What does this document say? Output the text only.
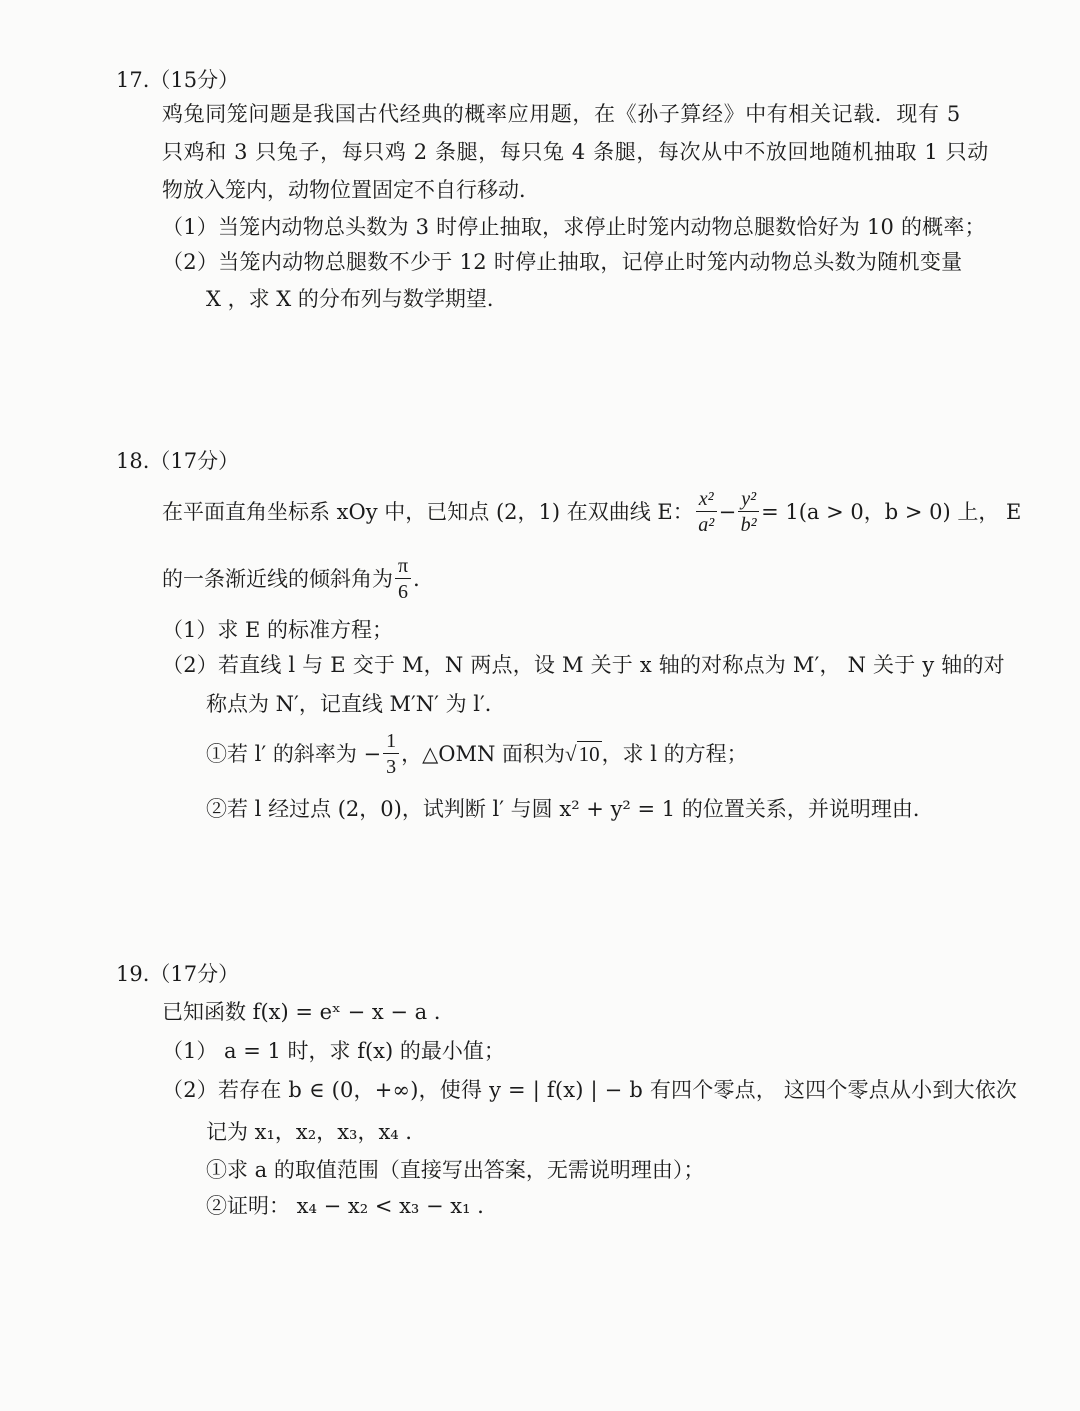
17.（15分）
鸡兔同笼问题是我国古代经典的概率应用题，在《孙子算经》中有相关记载．现有 5
只鸡和 3 只兔子，每只鸡 2 条腿，每只兔 4 条腿，每次从中不放回地随机抽取 1 只动
物放入笼内，动物位置固定不自行移动．
（1）当笼内动物总头数为 3 时停止抽取，求停止时笼内动物总腿数恰好为 10 的概率；
（2）当笼内动物总腿数不少于 12 时停止抽取，记停止时笼内动物总头数为随机变量
X ，求 X 的分布列与数学期望．
18.（17分）
在平面直角坐标系 xOy 中，已知点 (2，1) 在双曲线 E： $\frac{\text{x²}}{\text{a²}} - \frac{\text{y²}}{\text{b²}} = 1(a > 0$，b > 0) 上， E
的一条渐近线的倾斜角为 $\frac{\pi}{6}$ ．
（1）求 E 的标准方程；
（2）若直线 l 与 E 交于 M，N 两点，设 M 关于 x 轴的对称点为 M′， N 关于 y 轴的对
称点为 N′，记直线 M′N′ 为 l′．
①若 l′ 的斜率为 − $\frac{1}{3}$ ，△OMN 面积为 √10 ，求 l 的方程；
②若 l 经过点 (2，0)，试判断 l′ 与圆 x² + y² = 1 的位置关系，并说明理由．
19.（17分）
已知函数 f(x) = eˣ − x − a ．
（1） a = 1 时，求 f(x) 的最小值；
（2）若存在 b ∈ (0，+∞)，使得 y = | f(x) | − b 有四个零点， 这四个零点从小到大依次
记为 x₁，x₂，x₃，x₄ ．
①求 a 的取值范围（直接写出答案，无需说明理由）；
②证明： x₄ − x₂ < x₃ − x₁ ．
